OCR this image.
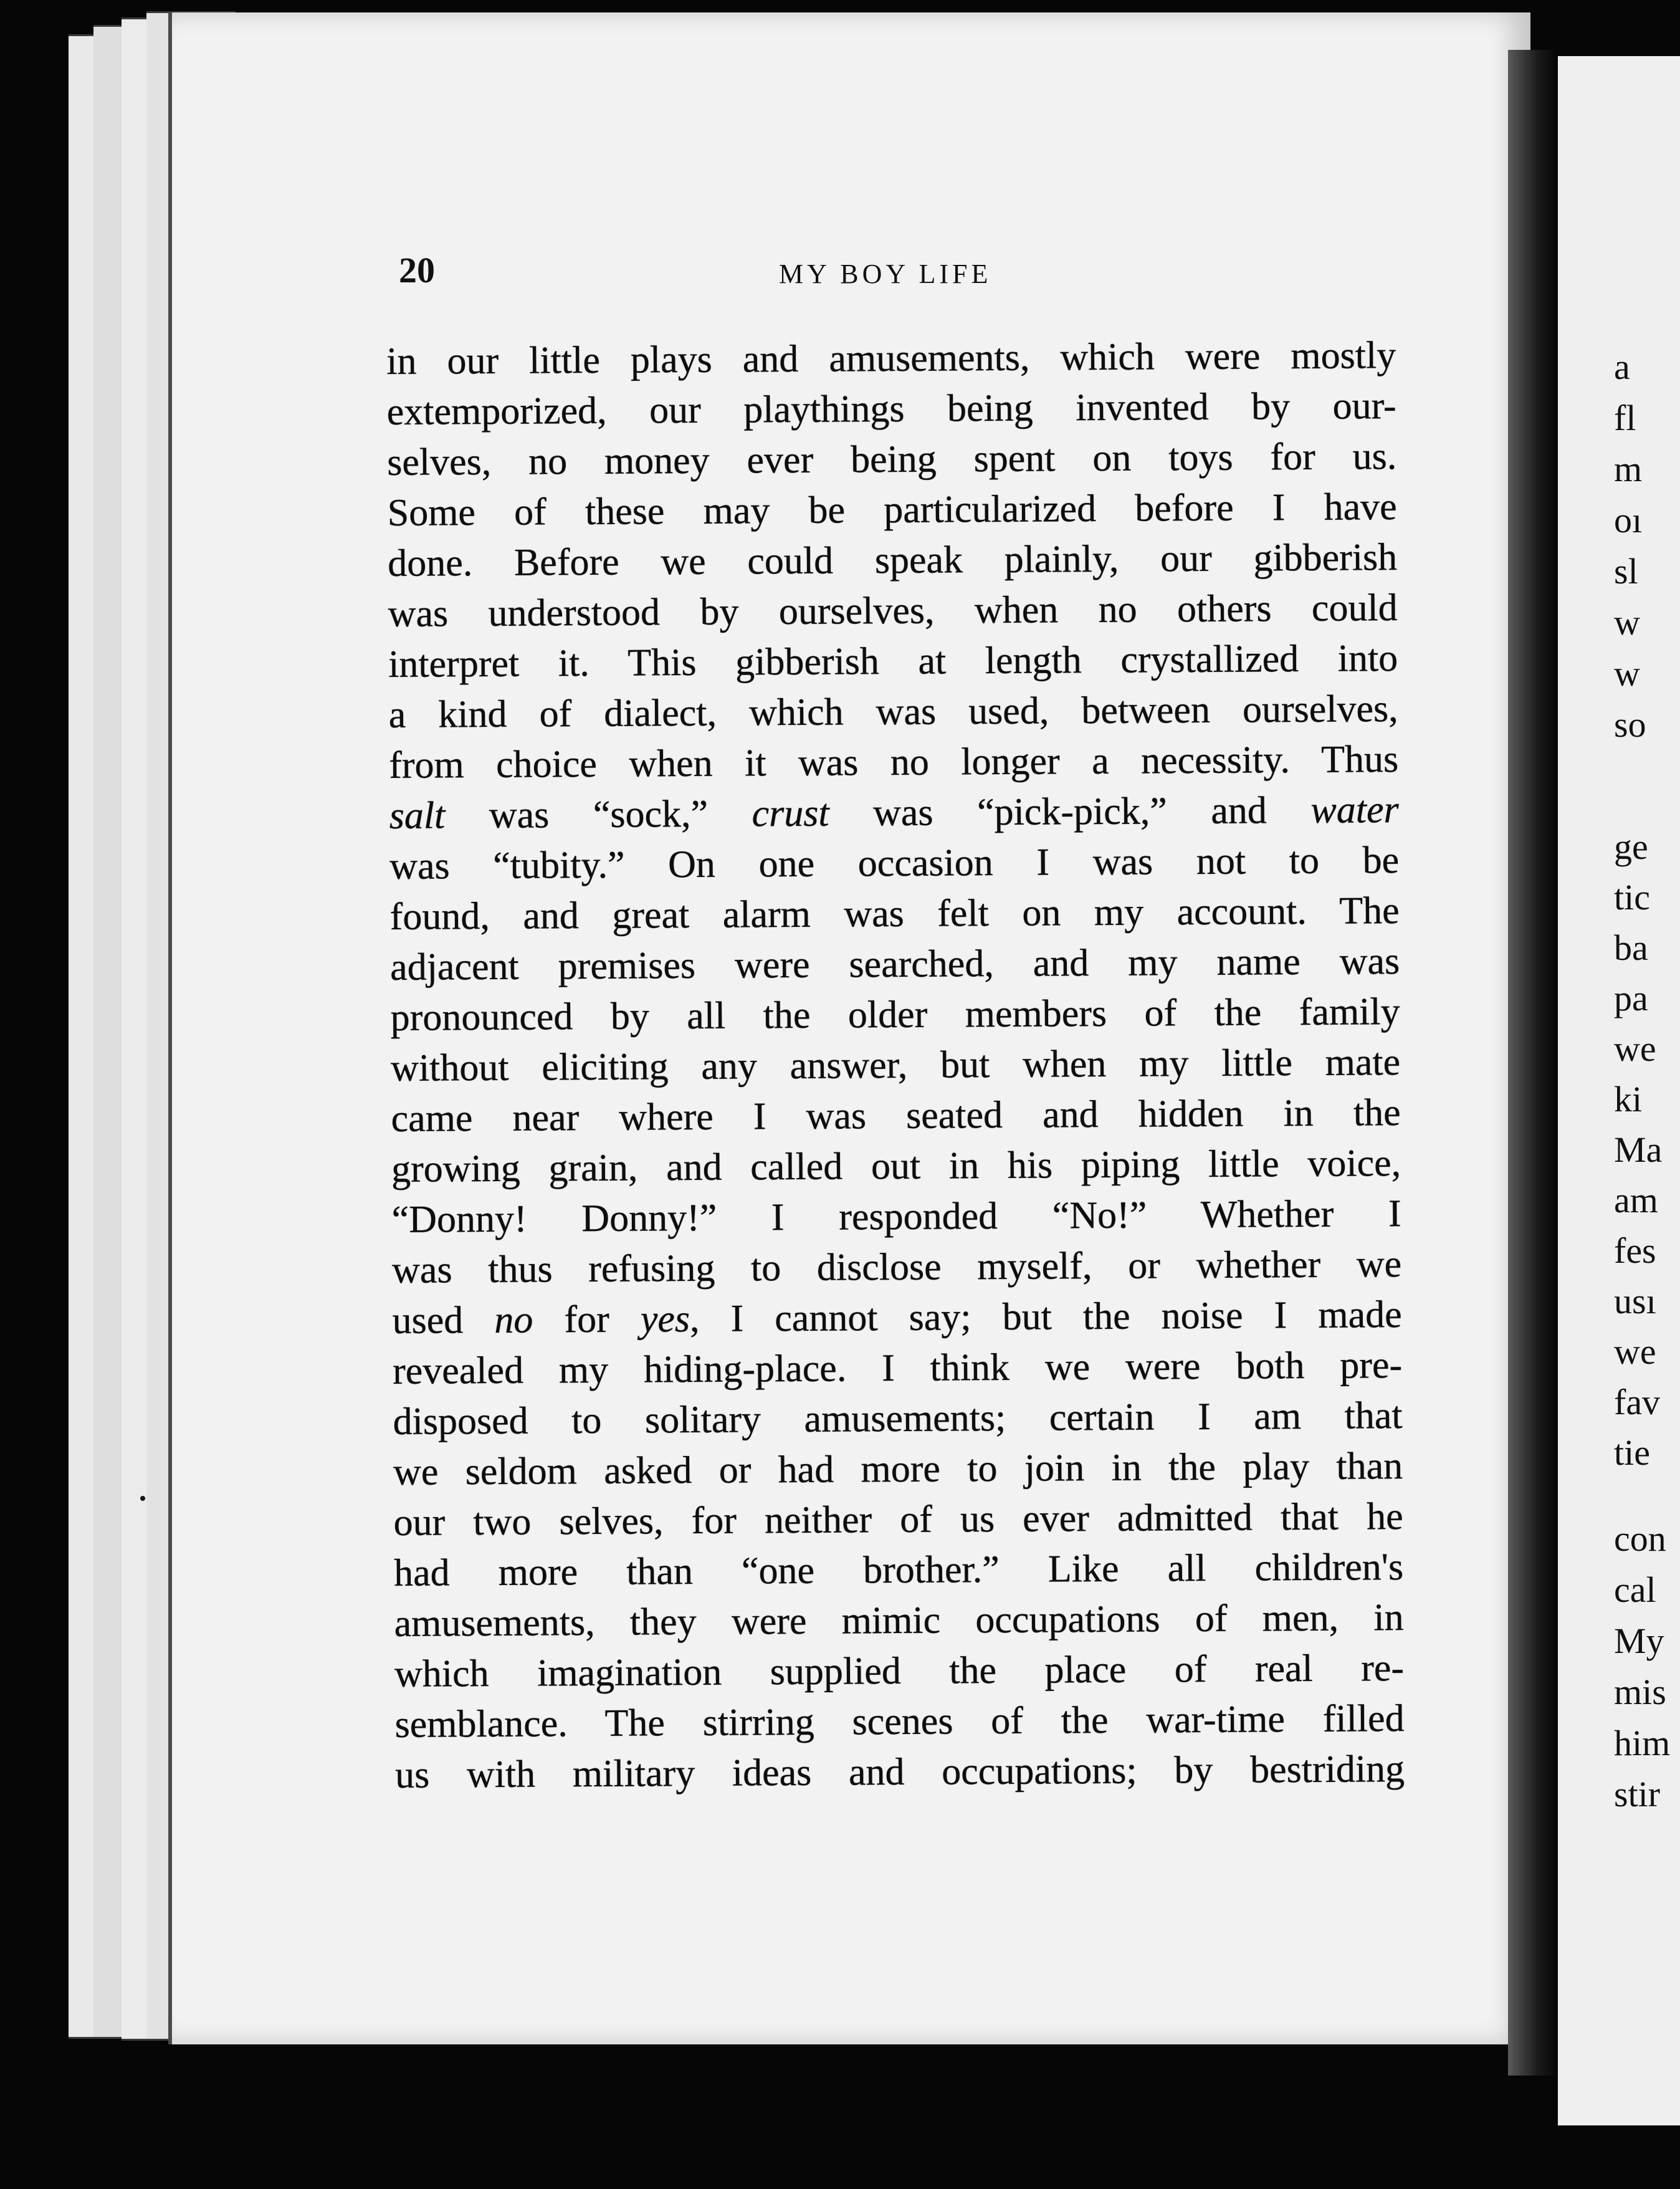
20	MY BOY LIFE
in our little plays and amusements, which were mostly
extemporized, our playthings being invented by our-
selves, no money ever being spent on toys for us.
Some of these may be particularized before I have
done. Before we could speak plainly, our gibberish
was understood by ourselves, when no others could
interpret it. This gibberish at length crystallized into
a kind of dialect, which was used, between ourselves,
from choice when it was no longer a necessity. Thus
salt was “sock,” crust was “pick-pick,” and water
was “tubity.” On one occasion I was not to be
found, and great alarm was felt on my account. The
adjacent premises were searched, and my name was
pronounced by all the older members of the family
without eliciting any answer, but when my little mate
came near where I was seated and hidden in the
growing grain, and called out in his piping little voice,
“Donny! Donny!” I responded “No!” Whether I
was thus refusing to disclose myself, or whether we
used no for yes, I cannot say; but the noise I made
revealed my hiding-place. I think we were both pre-
disposed to solitary amusements; certain I am that
we seldom asked or had more to join in the play than
our two selves, for neither of us ever admitted that he
had more than “one brother.” Like all children's
amusements, they were mimic occupations of men, in
which imagination supplied the place of real re-
semblance. The stirring scenes of the war-time filled
us with military ideas and occupations; by bestriding
a
fl
m
oı
sl
w
w
so
ge
tic
ba
pa
we
ki
Ma
am
fes
usı
we
fav
tie
con
cal
My
mis
him
stir
